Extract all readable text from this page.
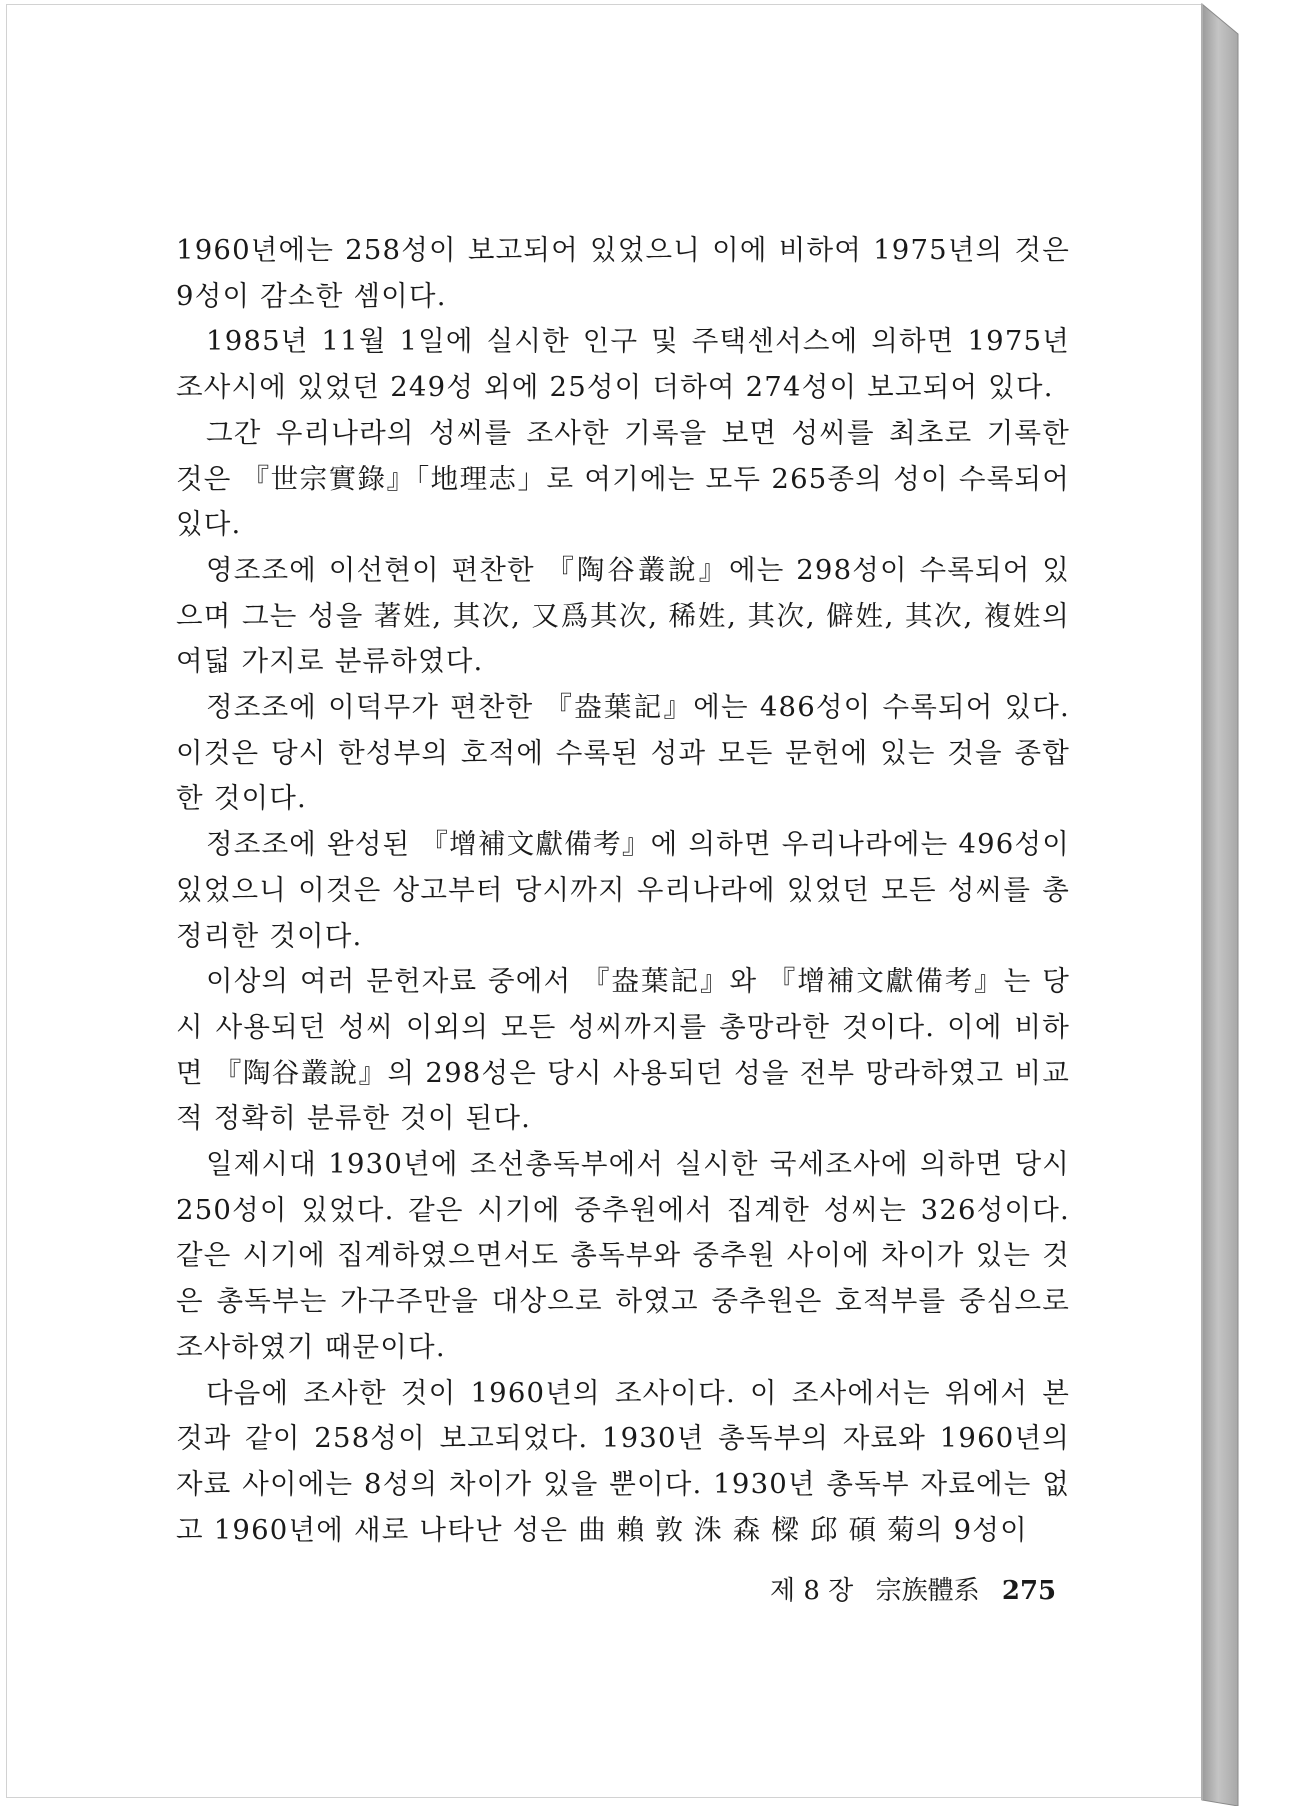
1960년에는 258성이 보고되어 있었으니 이에 비하여 1975년의 것은 9성이 감소한 셈이다.

1985년 11월 1일에 실시한 인구 및 주택센서스에 의하면 1975년 조사시에 있었던 249성 외에 25성이 더하여 274성이 보고되어 있다.

그간 우리나라의 성씨를 조사한 기록을 보면 성씨를 최초로 기록한 것은 『世宗實錄』「地理志」로 여기에는 모두 265종의 성이 수록되어 있다.

영조조에 이선현이 편찬한 『陶谷叢說』에는 298성이 수록되어 있으며 그는 성을 著姓, 其次, 又爲其次, 稀姓, 其次, 僻姓, 其次, 複姓의 여덟 가지로 분류하였다.

정조조에 이덕무가 편찬한 『盎葉記』에는 486성이 수록되어 있다. 이것은 당시 한성부의 호적에 수록된 성과 모든 문헌에 있는 것을 종합한 것이다.

정조조에 완성된 『增補文獻備考』에 의하면 우리나라에는 496성이 있었으니 이것은 상고부터 당시까지 우리나라에 있었던 모든 성씨를 총정리한 것이다.

이상의 여러 문헌자료 중에서 『盎葉記』와 『增補文獻備考』는 당시 사용되던 성씨 이외의 모든 성씨까지를 총망라한 것이다. 이에 비하면 『陶谷叢說』의 298성은 당시 사용되던 성을 전부 망라하였고 비교적 정확히 분류한 것이 된다.

일제시대 1930년에 조선총독부에서 실시한 국세조사에 의하면 당시 250성이 있었다. 같은 시기에 중추원에서 집계한 성씨는 326성이다. 같은 시기에 집계하였으면서도 총독부와 중추원 사이에 차이가 있는 것은 총독부는 가구주만을 대상으로 하였고 중추원은 호적부를 중심으로 조사하였기 때문이다.

다음에 조사한 것이 1960년의 조사이다. 이 조사에서는 위에서 본 것과 같이 258성이 보고되었다. 1930년 총독부의 자료와 1960년의 자료 사이에는 8성의 차이가 있을 뿐이다. 1930년 총독부 자료에는 없고 1960년에 새로 나타난 성은 曲 賴 敦 洙 森 樑 邱 碩 菊의 9성이

제 8 장 宗族體系 275
